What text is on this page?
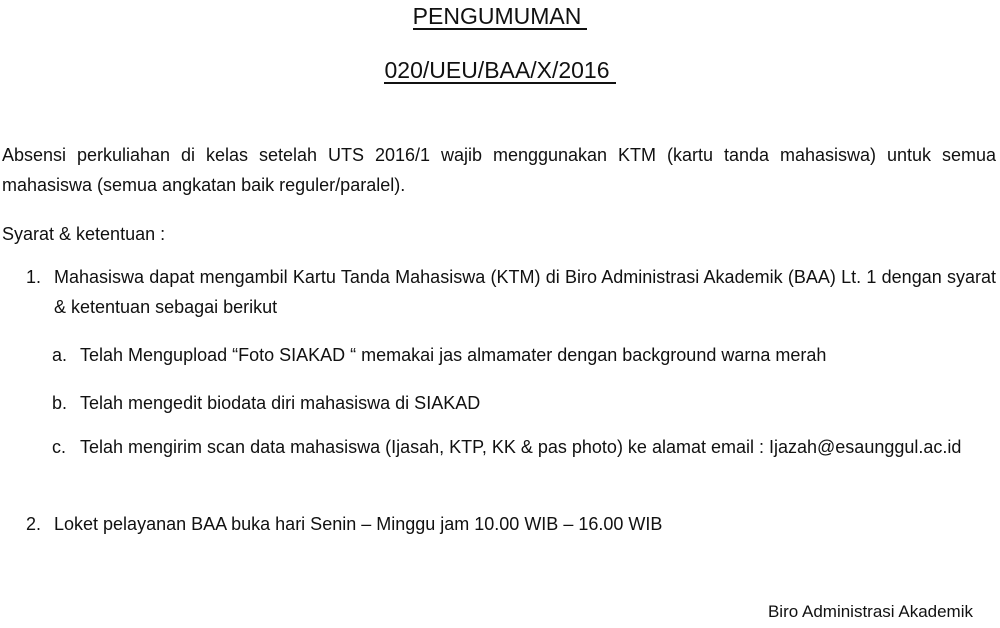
PENGUMUMAN
020/UEU/BAA/X/2016
Absensi perkuliahan di kelas setelah UTS 2016/1 wajib menggunakan KTM (kartu tanda mahasiswa) untuk semua mahasiswa (semua angkatan baik reguler/paralel).
Syarat & ketentuan :
1. Mahasiswa dapat mengambil Kartu Tanda Mahasiswa (KTM) di Biro Administrasi Akademik (BAA) Lt. 1 dengan syarat & ketentuan sebagai berikut
a. Telah Mengupload “Foto SIAKAD “ memakai jas almamater dengan background warna merah
b. Telah mengedit biodata diri mahasiswa di SIAKAD
c. Telah mengirim scan data mahasiswa (Ijasah, KTP, KK & pas photo) ke alamat email : Ijazah@esaunggul.ac.id
2. Loket pelayanan BAA buka hari Senin – Minggu jam 10.00 WIB – 16.00 WIB
Biro Administrasi Akademik
